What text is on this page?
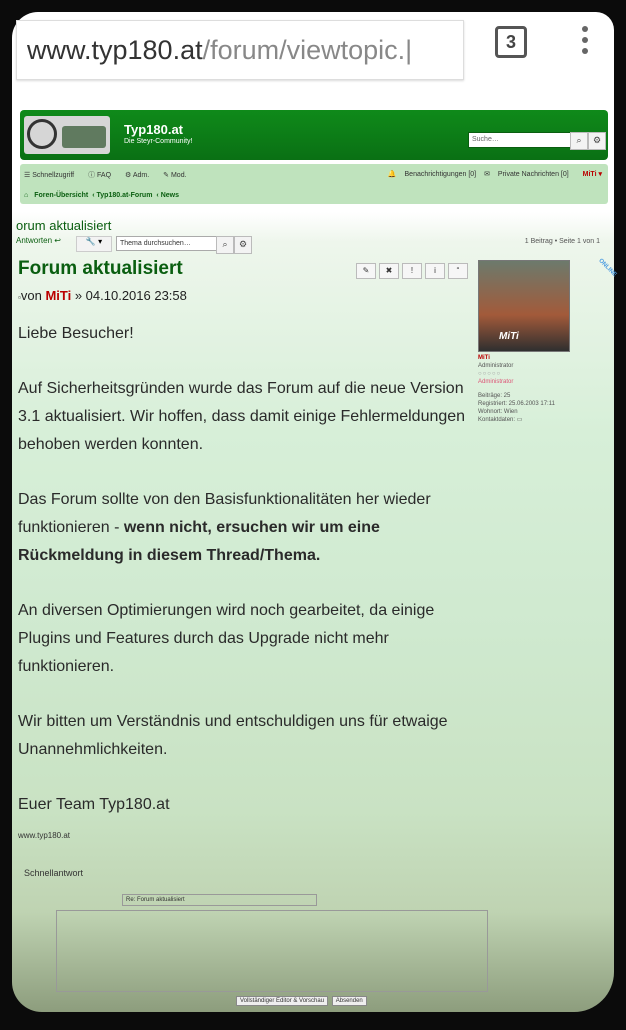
www.typ180.at/forum/viewtopic.|	3
Typ180.at
Die Steyr-Community!	Suche…	⌕	⚙
☰ Schnellzugriff ⓘ FAQ ⚙ Adm. ✎ Mod.	🔔 Benachrichtigungen [0] ✉ Private Nachrichten [0] MiTi ▾
⌂ Foren-Übersicht ‹ Typ180.at-Forum ‹ News
orum aktualisiert
Antworten ↩	🔧 ▾	Thema durchsuchen…	⌕	⚙	1 Beitrag • Seite 1 von 1
Forum aktualisiert	✎ ✖ !	i	“
▫von MiTi » 04.10.2016 23:58

Liebe Besucher!

Auf Sicherheitsgründen wurde das Forum auf die neue Version 3.1 aktualisiert. Wir hoffen, dass damit einige Fehlermeldungen behoben werden konnten.

Das Forum sollte von den Basisfunktionalitäten her wieder funktionieren - wenn nicht, ersuchen wir um eine Rückmeldung in diesem Thread/Thema.

An diversen Optimierungen wird noch gearbeitet, da einige Plugins und Features durch das Upgrade nicht mehr funktionieren.

Wir bitten um Verständnis und entschuldigen uns für etwaige Unannehmlichkeiten.

Euer Team Typ180.at

www.typ180.at
MiTi
ONLINE
MiTi
Administrator
○○○○○
Administrator
Beiträge: 25
Registriert: 25.06.2003 17:11
Wohnort: Wien
Kontaktdaten: ▭
Schnellantwort
Re: Forum aktualisiert
Vollständiger Editor & Vorschau Absenden
